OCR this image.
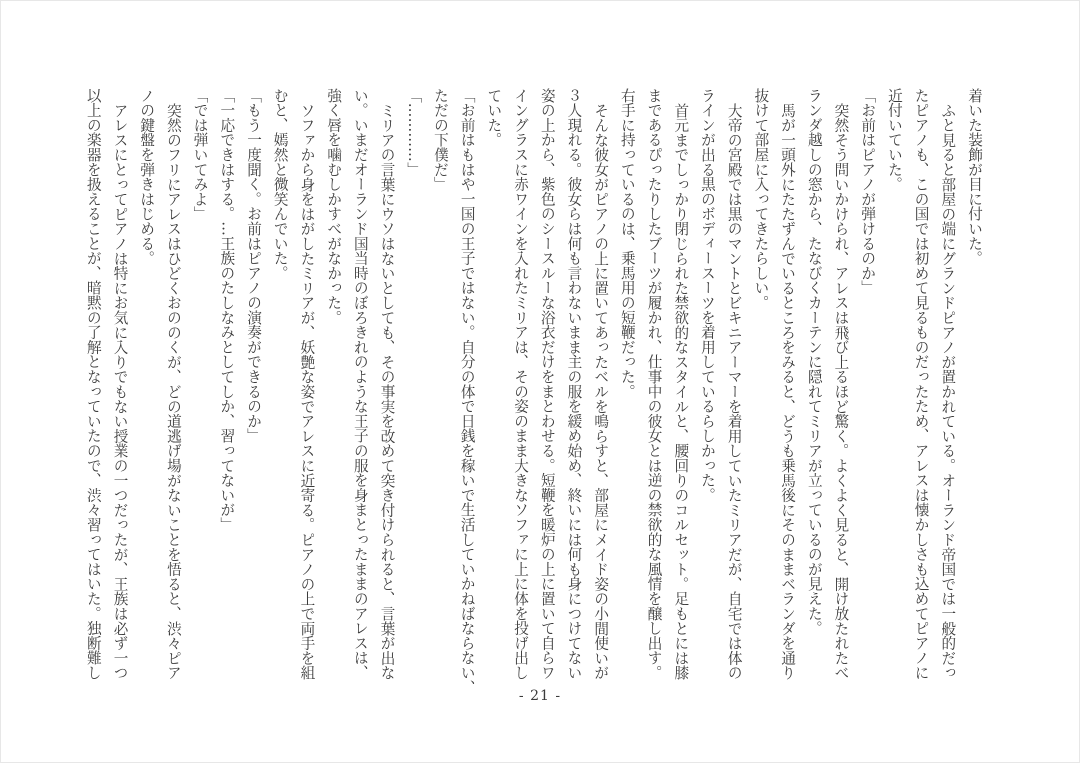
着いた装飾が目に付いた。
ふと見ると部屋の端にグランドピアノが置かれている。オーランド帝国では一般的だっ
たピアノも、この国では初めて見るものだったため、アレスは懐かしさも込めてピアノに
近付いていた。
「お前はピアノが弾けるのか」
突然そう問いかけられ、アレスは飛び上るほど驚く。よくよく見ると、開け放たれたべ
ランダ越しの窓から、たなびくカーテンに隠れてミリアが立っているのが見えた。
馬が一頭外にたたずんでいるところをみると、どうも乗馬後にそのままベランダを通り
抜けて部屋に入ってきたらしい。
大帝の宮殿では黒のマントとビキニアーマーを着用していたミリアだが、自宅では体の
ラインが出る黒のボディースーツを着用しているらしかった。
首元までしっかり閉じられた禁欲的なスタイルと、腰回りのコルセット。足もとには膝
まであるぴったりしたブーツが履かれ、仕事中の彼女とは逆の禁欲的な風情を醸し出す。
右手に持っているのは、乗馬用の短鞭だった。
そんな彼女がピアノの上に置いてあったベルを鳴らすと、部屋にメイド姿の小間使いが
３人現れる。彼女らは何も言わないまま主の服を緩め始め、終いには何も身につけてない
姿の上から、紫色のシースルーな浴衣だけをまとわせる。短鞭を暖炉の上に置いて自らワ
イングラスに赤ワインを入れたミリアは、その姿のまま大きなソファに上に体を投げ出し
ていた。
「お前はもはや一国の王子ではない。自分の体で日銭を稼いで生活していかねばならない、
ただの下僕だ」
「…………」
ミリアの言葉にウソはないとしても、その事実を改めて突き付けられると、言葉が出な
い。いまだオーランド国当時のぼろきれのような王子の服を身まとったままのアレスは、
強く唇を噛むしかすべがなかった。
ソファから身をはがしたミリアが、妖艶な姿でアレスに近寄る。ピアノの上で両手を組
むと、嫣然と微笑んでいた。
「もう一度聞く。お前はピアノの演奏ができるのか」
「一応できはする。…王族のたしなみとしてしか、習ってないが」
「では弾いてみよ」
突然のフリにアレスはひどくおののくが、どの道逃げ場がないことを悟ると、渋々ピア
ノの鍵盤を弾きはじめる。
アレスにとってピアノは特にお気に入りでもない授業の一つだったが、王族は必ず一つ
以上の楽器を扱えることが、暗黙の了解となっていたので、渋々習ってはいた。独断難し
- 21 -
